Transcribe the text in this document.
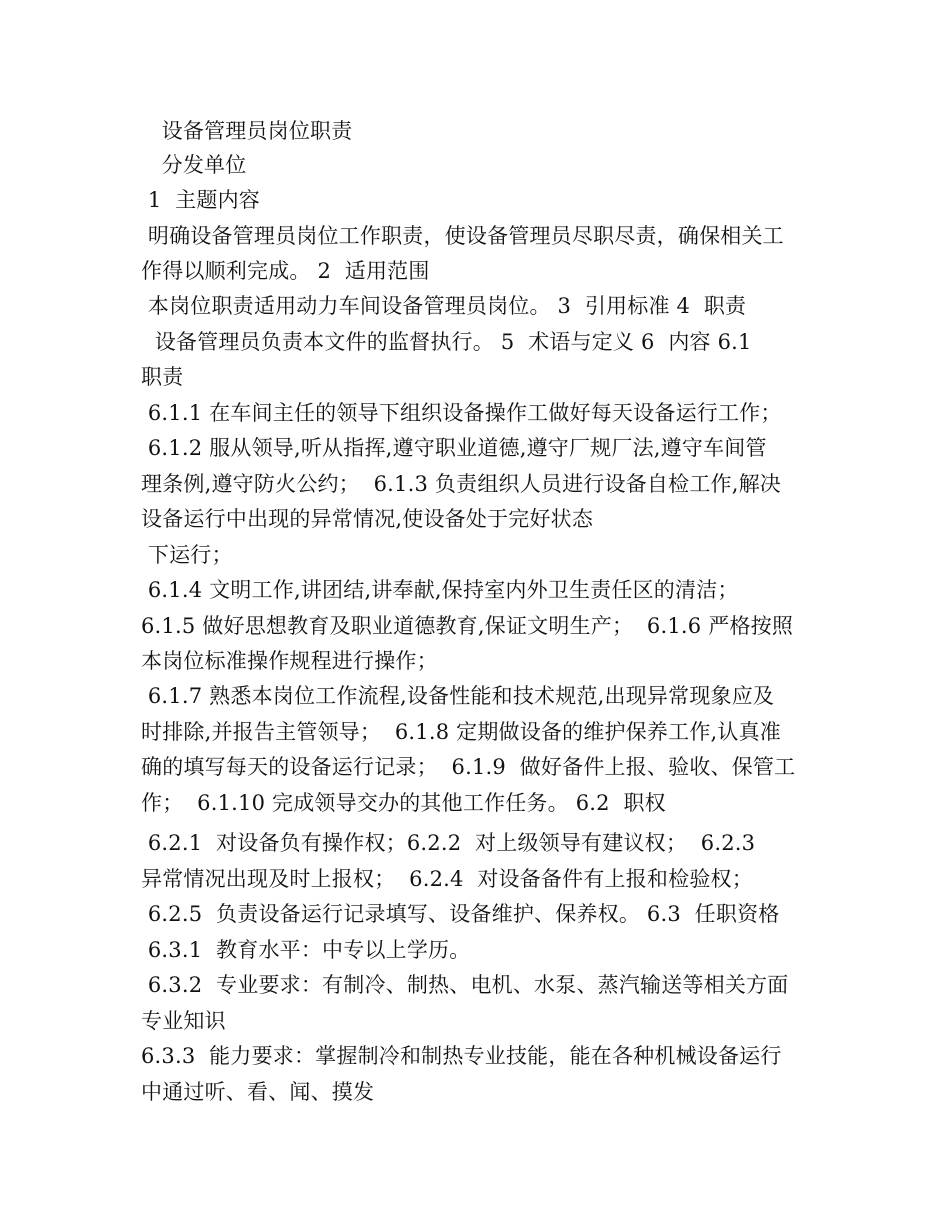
设备管理员岗位职责
分发单位
1  主题内容
明确设备管理员岗位工作职责，使设备管理员尽职尽责，确保相关工
作得以顺利完成。 2  适用范围
本岗位职责适用动力车间设备管理员岗位。 3  引用标准 4  职责
设备管理员负责本文件的监督执行。 5  术语与定义 6  内容 6.1
职责
6.1.1 在车间主任的领导下组织设备操作工做好每天设备运行工作；
6.1.2 服从领导,听从指挥,遵守职业道德,遵守厂规厂法,遵守车间管
理条例,遵守防火公约；  6.1.3 负责组织人员进行设备自检工作,解决
设备运行中出现的异常情况,使设备处于完好状态
下运行；
6.1.4 文明工作,讲团结,讲奉献,保持室内外卫生责任区的清洁；
6.1.5 做好思想教育及职业道德教育,保证文明生产；  6.1.6 严格按照
本岗位标准操作规程进行操作；
6.1.7 熟悉本岗位工作流程,设备性能和技术规范,出现异常现象应及
时排除,并报告主管领导；  6.1.8 定期做设备的维护保养工作,认真准
确的填写每天的设备运行记录；  6.1.9  做好备件上报、验收、保管工
作；  6.1.10 完成领导交办的其他工作任务。 6.2  职权
6.2.1  对设备负有操作权；6.2.2  对上级领导有建议权；  6.2.3
异常情况出现及时上报权；  6.2.4  对设备备件有上报和检验权；
6.2.5  负责设备运行记录填写、设备维护、保养权。 6.3  任职资格
6.3.1  教育水平：中专以上学历。
6.3.2  专业要求：有制冷、制热、电机、水泵、蒸汽输送等相关方面
专业知识
6.3.3  能力要求：掌握制冷和制热专业技能，能在各种机械设备运行
中通过听、看、闻、摸发
